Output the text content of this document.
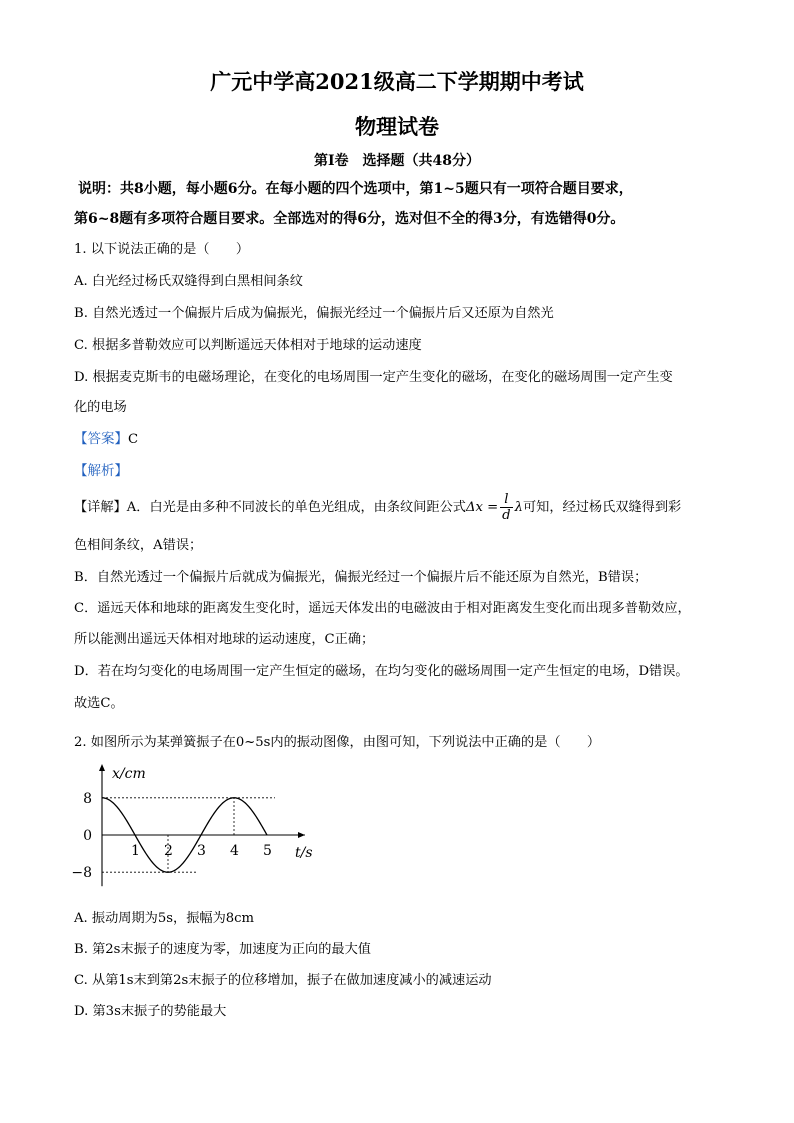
广元中学高2021级高二下学期期中考试
物理试卷
第Ⅰ卷　选择题（共48分）
说明：共8小题，每小题6分。在每小题的四个选项中，第1~5题只有一项符合题目要求，
第6~8题有多项符合题目要求。全部选对的得6分，选对但不全的得3分，有选错得0分。
1. 以下说法正确的是（　　）
A. 白光经过杨氏双缝得到白黑相间条纹
B. 自然光透过一个偏振片后成为偏振光，偏振光经过一个偏振片后又还原为自然光
C. 根据多普勒效应可以判断遥远天体相对于地球的运动速度
D. 根据麦克斯韦的电磁场理论，在变化的电场周围一定产生变化的磁场，在变化的磁场周围一定产生变
化的电场
【答案】C
【解析】
【详解】A．白光是由多种不同波长的单色光组成，由条纹间距公式$\Delta x = \frac{l}{d}$ λ可知，经过杨氏双缝得到彩
色相间条纹，A错误；
B．自然光透过一个偏振片后就成为偏振光，偏振光经过一个偏振片后不能还原为自然光，B错误；
C．遥远天体和地球的距离发生变化时，遥远天体发出的电磁波由于相对距离发生变化而出现多普勒效应，
所以能测出遥远天体相对地球的运动速度，C正确；
D．若在均匀变化的电场周围一定产生恒定的磁场，在均匀变化的磁场周围一定产生恒定的电场，D错误。
故选C。
2. 如图所示为某弹簧振子在0~5s内的振动图像，由图可知，下列说法中正确的是（　　）
1 2 3 4 5
8
0
−8
x/cm
t/s
A. 振动周期为5s，振幅为8cm
B. 第2s末振子的速度为零，加速度为正向的最大值
C. 从第1s末到第2s末振子的位移增加，振子在做加速度减小的减速运动
D. 第3s末振子的势能最大
